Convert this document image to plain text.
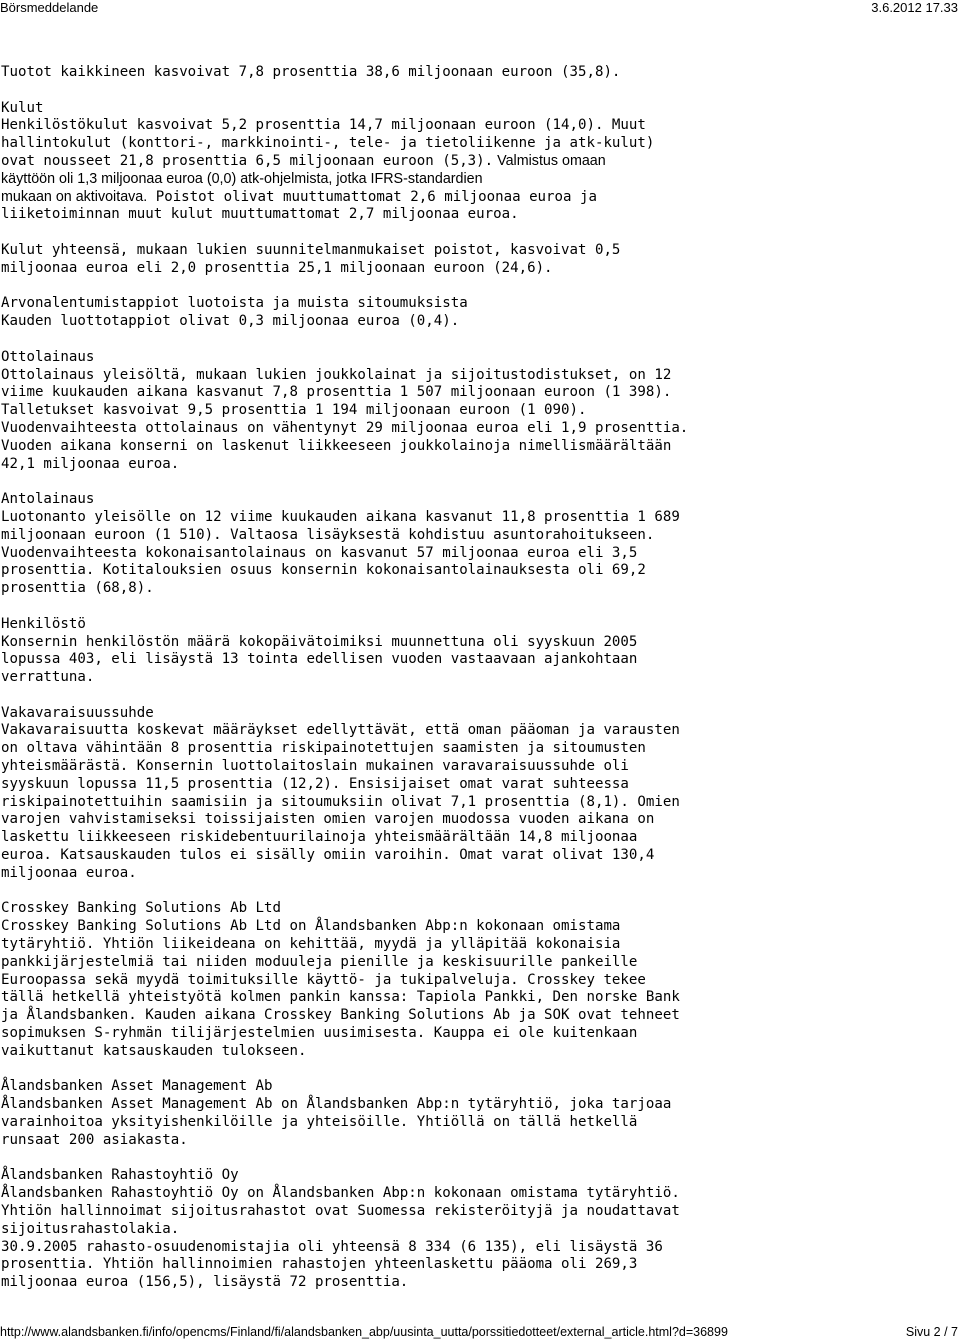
Börsmeddelande	3.6.2012 17.33
Tuotot kaikkineen kasvoivat 7,8 prosenttia 38,6 miljoonaan euroon (35,8).
Kulut
Henkilöstökulut kasvoivat 5,2 prosenttia 14,7 miljoonaan euroon (14,0). Muut
hallintokulut (konttori-, markkinointi-, tele- ja tietoliikenne ja atk-kulut)
ovat nousseet 21,8 prosenttia 6,5 miljoonaan euroon (5,3). Valmistus omaan
käyttöön oli 1,3 miljoonaa euroa (0,0) atk-ohjelmista, jotka IFRS-standardien
mukaan on aktivoitava. Poistot olivat muuttumattomat 2,6 miljoonaa euroa ja
liiketoiminnan muut kulut muuttumattomat 2,7 miljoonaa euroa.
Kulut yhteensä, mukaan lukien suunnitelmanmukaiset poistot, kasvoivat 0,5
miljoonaa euroa eli 2,0 prosenttia 25,1 miljoonaan euroon (24,6).
Arvonalentumistappiot luotoista ja muista sitoumuksista
Kauden luottotappiot olivat 0,3 miljoonaa euroa (0,4).
Ottolainaus
Ottolainaus yleisöltä, mukaan lukien joukkolainat ja sijoitustodistukset, on 12
viime kuukauden aikana kasvanut 7,8 prosenttia 1 507 miljoonaan euroon (1 398).
Talletukset kasvoivat 9,5 prosenttia 1 194 miljoonaan euroon (1 090).
Vuodenvaihteesta ottolainaus on vähentynyt 29 miljoonaa euroa eli 1,9 prosenttia.
Vuoden aikana konserni on laskenut liikkeeseen joukkolainoja nimellismäärältään
42,1 miljoonaa euroa.
Antolainaus
Luotonanto yleisölle on 12 viime kuukauden aikana kasvanut 11,8 prosenttia 1 689
miljoonaan euroon (1 510). Valtaosa lisäyksestä kohdistuu asuntorahoitukseen.
Vuodenvaihteesta kokonaisantolainaus on kasvanut 57 miljoonaa euroa eli 3,5
prosenttia. Kotitalouksien osuus konsernin kokonaisantolainauksesta oli 69,2
prosenttia (68,8).
Henkilöstö
Konsernin henkilöstön määrä kokopäivätoimiksi muunnettuna oli syyskuun 2005
lopussa 403, eli lisäystä 13 tointa edellisen vuoden vastaavaan ajankohtaan
verrattuna.
Vakavaraisuussuhde
Vakavaraisuutta koskevat määräykset edellyttävät, että oman pääoman ja varausten
on oltava vähintään 8 prosenttia riskipainotettujen saamisten ja sitoumusten
yhteismäärästä. Konsernin luottolaitoslain mukainen varavaraisuussuhde oli
syyskuun lopussa 11,5 prosenttia (12,2). Ensisijaiset omat varat suhteessa
riskipainotettuihin saamisiin ja sitoumuksiin olivat 7,1 prosenttia (8,1). Omien
varojen vahvistamiseksi toissijaisten omien varojen muodossa vuoden aikana on
laskettu liikkeeseen riskidebentuurilainoja yhteismäärältään 14,8 miljoonaa
euroa. Katsauskauden tulos ei sisälly omiin varoihin. Omat varat olivat 130,4
miljoonaa euroa.
Crosskey Banking Solutions Ab Ltd
Crosskey Banking Solutions Ab Ltd on Ålandsbanken Abp:n kokonaan omistama
tytäryhtiö. Yhtiön liikeideana on kehittää, myydä ja ylläpitää kokonaisia
pankkijärjestelmiä tai niiden moduuleja pienille ja keskisuurille pankeille
Euroopassa sekä myydä toimituksille käyttö- ja tukipalveluja. Crosskey tekee
tällä hetkellä yhteistyötä kolmen pankin kanssa: Tapiola Pankki, Den norske Bank
ja Ålandsbanken. Kauden aikana Crosskey Banking Solutions Ab ja SOK ovat tehneet
sopimuksen S-ryhmän tilijärjestelmien uusimisesta. Kauppa ei ole kuitenkaan
vaikuttanut katsauskauden tulokseen.
Ålandsbanken Asset Management Ab
Ålandsbanken Asset Management Ab on Ålandsbanken Abp:n tytäryhtiö, joka tarjoaa
varainhoitoa yksityishenkilöille ja yhteisöille. Yhtiöllä on tällä hetkellä
runsaat 200 asiakasta.
Ålandsbanken Rahastoyhtiö Oy
Ålandsbanken Rahastoyhtiö Oy on Ålandsbanken Abp:n kokonaan omistama tytäryhtiö.
Yhtiön hallinnoimat sijoitusrahastot ovat Suomessa rekisteröityjä ja noudattavat
sijoitusrahastolakia.
30.9.2005 rahasto-osuudenomistajia oli yhteensä 8 334 (6 135), eli lisäystä 36
prosenttia. Yhtiön hallinnoimien rahastojen yhteenlaskettu pääoma oli 269,3
miljoonaa euroa (156,5), lisäystä 72 prosenttia.
http://www.alandsbanken.fi/info/opencms/Finland/fi/alandsbanken_abp/uusinta_uutta/porssitiedotteet/external_article.html?d=36899	Sivu 2 / 7
